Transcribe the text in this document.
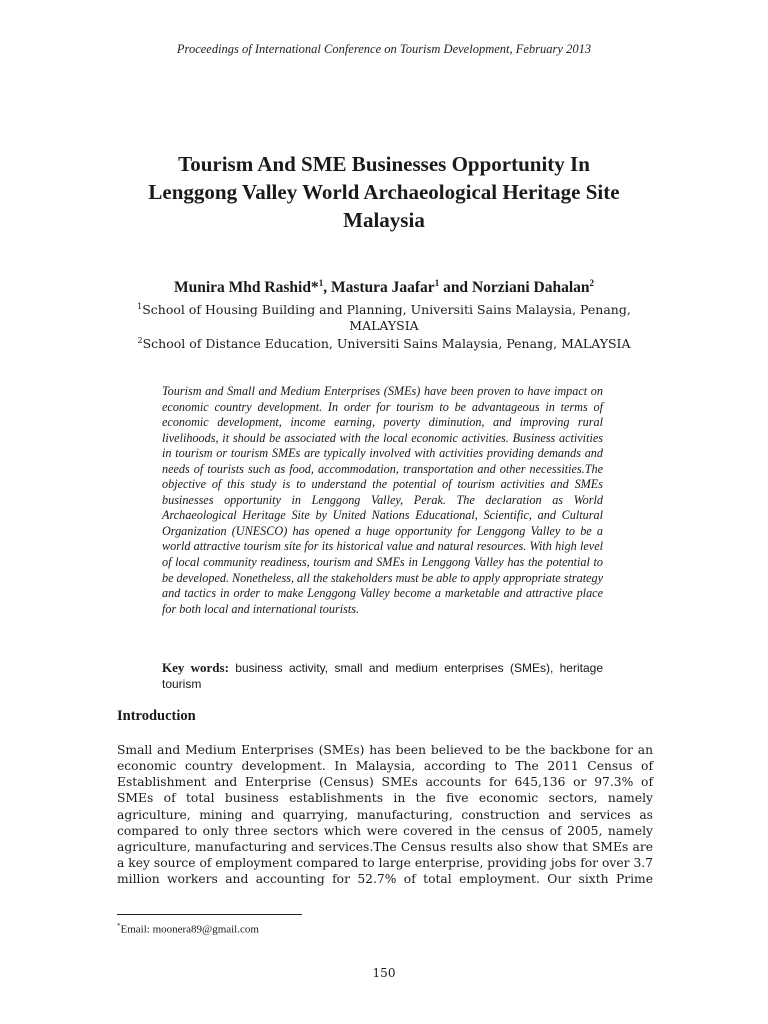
Proceedings of International Conference on Tourism Development, February 2013
Tourism And SME Businesses Opportunity In
Lenggong Valley World Archaeological Heritage Site
Malaysia
Munira Mhd Rashid*$^1$, Mastura Jaafar$^1$ and Norziani Dahalan$^2$
$^1$School of Housing Building and Planning, Universiti Sains Malaysia, Penang,
MALAYSIA
$^2$School of Distance Education, Universiti Sains Malaysia, Penang, MALAYSIA
Tourism and Small and Medium Enterprises (SMEs) have been proven to have impact on economic country development. In order for tourism to be advantageous in terms of economic development, income earning, poverty diminution, and improving rural livelihoods, it should be associated with the local economic activities. Business activities in tourism or tourism SMEs are typically involved with activities providing demands and needs of tourists such as food, accommodation, transportation and other necessities.The objective of this study is to understand the potential of tourism activities and SMEs businesses opportunity in Lenggong Valley, Perak. The declaration as World Archaeological Heritage Site by United Nations Educational, Scientific, and Cultural Organization (UNESCO) has opened a huge opportunity for Lenggong Valley to be a world attractive tourism site for its historical value and natural resources. With high level of local community readiness, tourism and SMEs in Lenggong Valley has the potential to be developed. Nonetheless, all the stakeholders must be able to apply appropriate strategy and tactics in order to make Lenggong Valley become a marketable and attractive place for both local and international tourists.
Key words: business activity, small and medium enterprises (SMEs), heritage tourism
Introduction
Small and Medium Enterprises (SMEs) has been believed to be the backbone for an economic country development. In Malaysia, according to The 2011 Census of Establishment and Enterprise (Census) SMEs accounts for 645,136 or 97.3% of SMEs of total business establishments in the five economic sectors, namely agriculture, mining and quarrying, manufacturing, construction and services as compared to only three sectors which were covered in the census of 2005, namely agriculture, manufacturing and services.The Census results also show that SMEs are a key source of employment compared to large enterprise, providing jobs for over 3.7 million workers and accounting for 52.7% of total employment. Our sixth Prime
*Email: moonera89@gmail.com
150
